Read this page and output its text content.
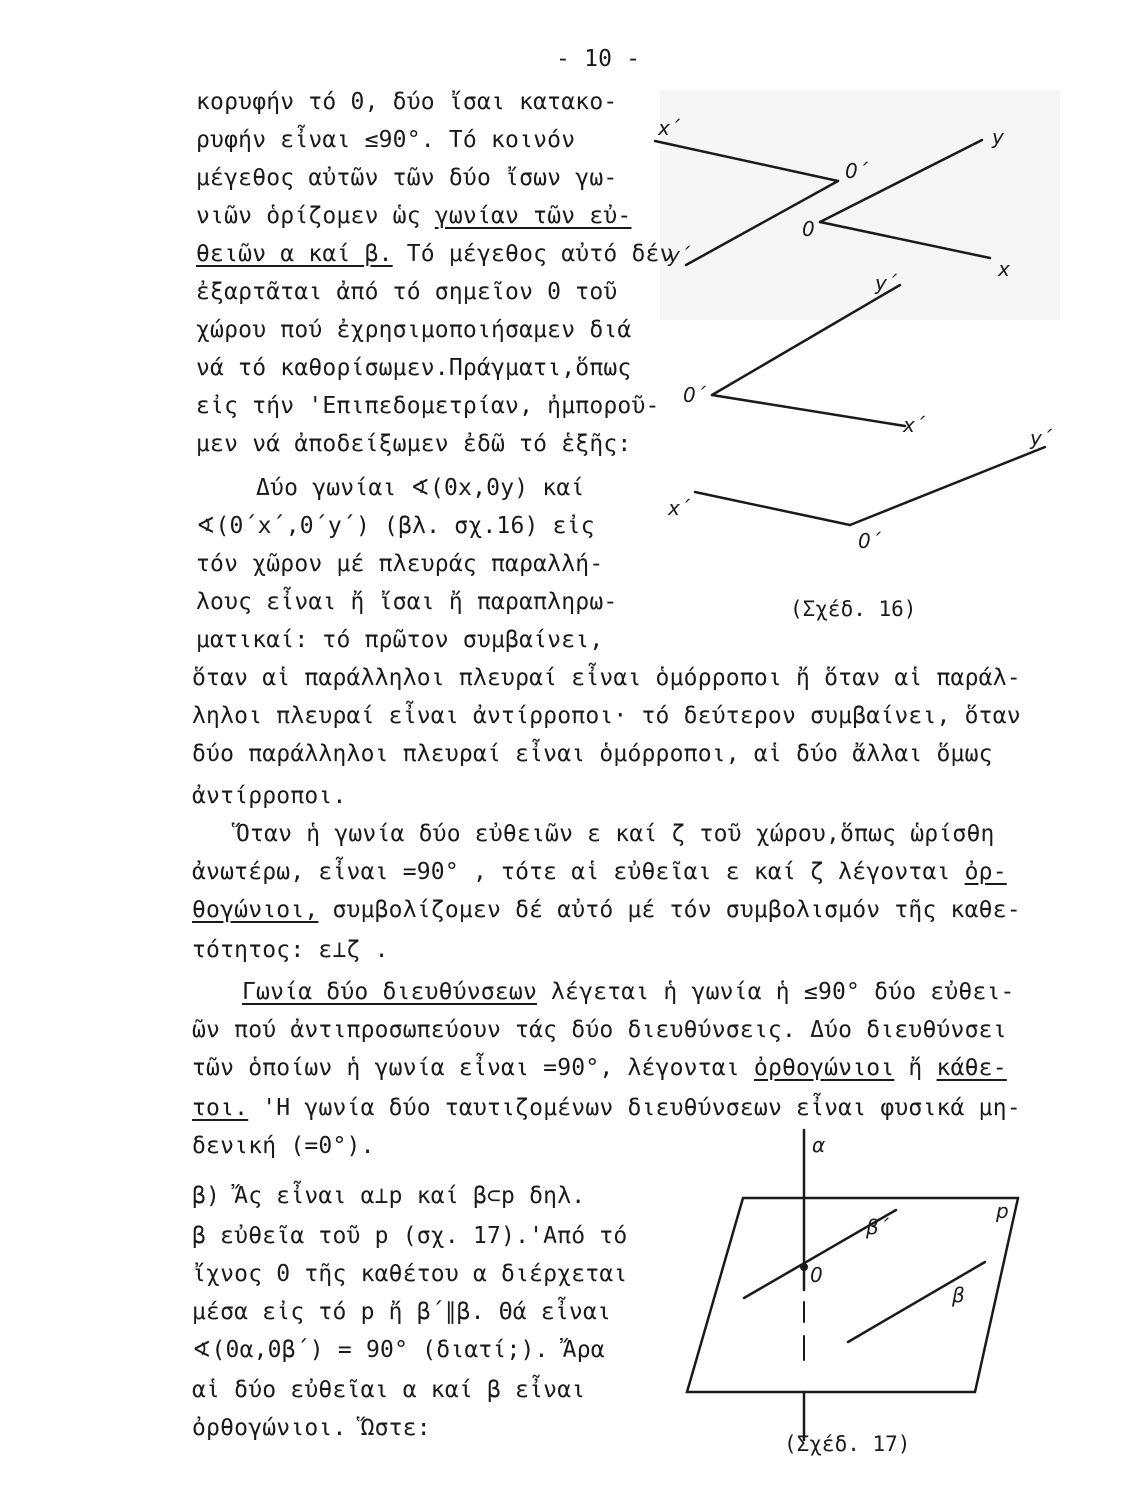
- 10 -
κορυφήν τό 0, δύο ἴσαι κατακο-
ρυφήν εἶναι ≤90°. Τό κοινόν
μέγεθος αὐτῶν τῶν δύο ἴσων γω-
νιῶν ὁρίζομεν ὡς γωνίαν τῶν εὐ-
θειῶν α καί β. Τό μέγεθος αὐτό δέν
ἐξαρτᾶται ἀπό τό σημεῖον 0 τοῦ
χώρου πού ἐχρησιμοποιήσαμεν διά
νά τό καθορίσωμεν.Πράγματι,ὅπως
εἰς τήν 'Επιπεδομετρίαν, ἠμποροῦ-
μεν νά ἀποδείξωμεν ἐδῶ τό ἑξῆς:
Δύο γωνίαι ∢(0x,0y) καί
∢(0΄x΄,0΄y΄) (βλ. σχ.16) εἰς
τόν χῶρον μέ πλευράς παραλλή-
λους εἶναι ἤ ἴσαι ἤ παραπληρω-
ματικαί: τό πρῶτον συμβαίνει,
ὅταν αἱ παράλληλοι πλευραί εἶναι ὁμόρροποι ἤ ὅταν αἱ παράλ-
ληλοι πλευραί εἶναι ἀντίρροποι· τό δεύτερον συμβαίνει, ὅταν
δύο παράλληλοι πλευραί εἶναι ὁμόρροποι, αἱ δύο ἄλλαι ὅμως
ἀντίρροποι.
Ὅταν ἡ γωνία δύο εὐθειῶν ε καί ζ τοῦ χώρου,ὅπως ὡρίσθη
ἀνωτέρω, εἶναι =90° , τότε αἱ εὐθεῖαι ε καί ζ λέγονται ὀρ-
θογώνιοι, συμβολίζομεν δέ αὐτό μέ τόν συμβολισμόν τῆς καθε-
τότητος: ε⊥ζ .
Γωνία δύο διευθύνσεων λέγεται ἡ γωνία ἡ ≤90° δύο εὐθει-
ῶν πού ἀντιπροσωπεύουν τάς δύο διευθύνσεις. Δύο διευθύνσει
τῶν ὁποίων ἡ γωνία εἶναι =90°, λέγονται ὀρθογώνιοι ἤ κάθε-
τοι. 'Η γωνία δύο ταυτιζομένων διευθύνσεων εἶναι φυσικά μη-
δενική (=0°).
β) Ἄς εἶναι α⊥p καί β⊂p δηλ.
β εὐθεῖα τοῦ p (σχ. 17).'Από τό
ἴχνος 0 τῆς καθέτου α διέρχεται
μέσα εἰς τό p ἤ β΄∥β. Θά εἶναι
∢(0α,0β΄) = 90° (διατί;). Ἄρα
αἱ δύο εὐθεῖαι α καί β εἶναι
ὀρθογώνιοι. Ὥστε:
x΄	y
0΄
0
y΄
x
y΄
0΄
x΄
y΄
x΄
0΄
(Σχέδ. 16)
α
p
β΄
0
β
(Σχέδ. 17)
